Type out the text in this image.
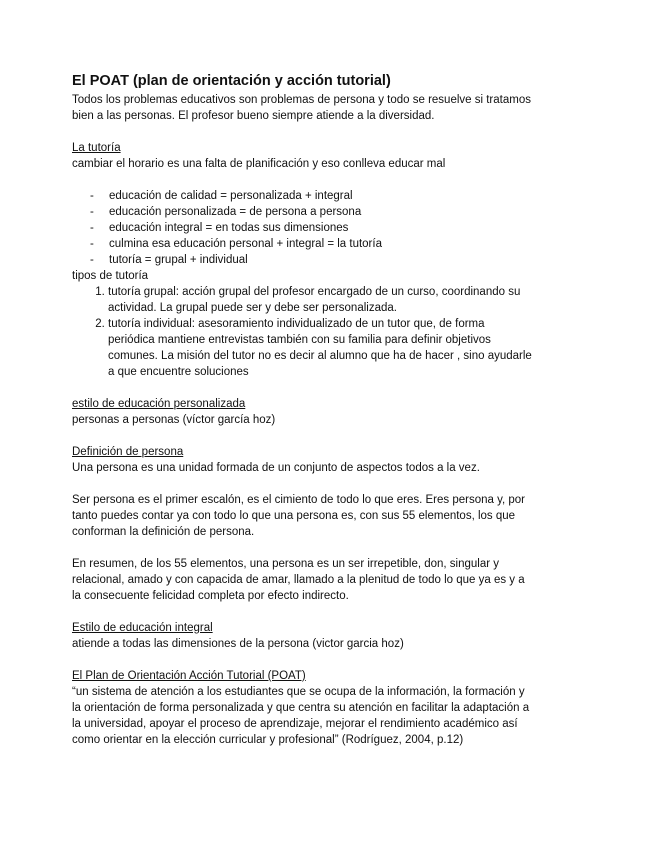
El POAT (plan de orientación y acción tutorial)

Todos los problemas educativos son problemas de persona y todo se resuelve si tratamos bien a las personas. El profesor bueno siempre atiende a la diversidad.

La tutoría

cambiar el horario es una falta de planificación y eso conlleva educar mal

- educación de calidad = personalizada + integral
- educación personalizada = de persona a persona
- educación integral = en todas sus dimensiones
- culmina esa educación personal + integral = la tutoría
- tutoría = grupal + individual

tipos de tutoría

1. tutoría grupal: acción grupal del profesor encargado de un curso, coordinando su actividad. La grupal puede ser y debe ser personalizada.
2. tutoría individual: asesoramiento individualizado de un tutor que, de forma periódica mantiene entrevistas también con su familia para definir objetivos comunes. La misión del tutor no es decir al alumno que ha de hacer , sino ayudarle a que encuentre soluciones

estilo de educación personalizada

personas a personas (víctor garcía hoz)

Definición de persona

Una persona es una unidad formada de un conjunto de aspectos todos a la vez.

Ser persona es el primer escalón, es el cimiento de todo lo que eres. Eres persona y, por tanto puedes contar ya con todo lo que una persona es, con sus 55 elementos, los que conforman la definición de persona.

En resumen, de los 55 elementos, una persona es un ser irrepetible, don, singular y relacional, amado y con capacida de amar, llamado a la plenitud de todo lo que ya es y a la consecuente felicidad completa por efecto indirecto.

Estilo de educación integral

atiende a todas las dimensiones de la persona (victor garcia hoz)

El Plan de Orientación Acción Tutorial (POAT)

“un sistema de atención a los estudiantes que se ocupa de la información, la formación y la orientación de forma personalizada y que centra su atención en facilitar la adaptación a la universidad, apoyar el proceso de aprendizaje, mejorar el rendimiento académico así como orientar en la elección curricular y profesional” (Rodríguez, 2004, p.12)
